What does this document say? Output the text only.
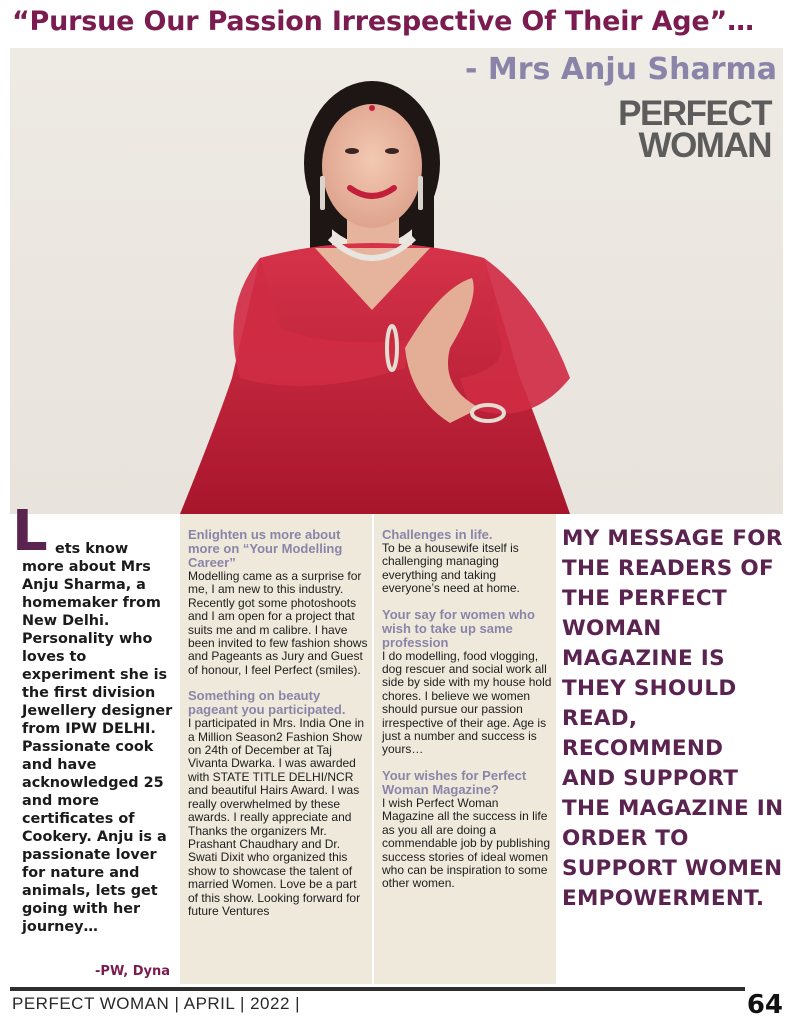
“Pursue Our Passion Irrespective Of Their Age”…
- Mrs Anju Sharma
PERFECT
WOMAN
L ets know
more about Mrs Anju Sharma, a homemaker from New Delhi. Personality who loves to experiment she is the first division Jewellery designer from IPW DELHI. Passionate cook and have acknowledged 25 and more certificates of Cookery. Anju is a passionate lover for nature and animals, lets get going with her journey…
-PW, Dyna
Enlighten us more about more on “Your Modelling Career”
Modelling came as a surprise for me, I am new to this industry. Recently got some photoshoots and I am open for a project that suits me and m calibre. I have been invited to few fashion shows and Pageants as Jury and Guest of honour, I feel Perfect (smiles).
Something on beauty pageant you participated.
I participated in Mrs. India One in a Million Season2 Fashion Show on 24th of December at Taj Vivanta Dwarka. I was awarded with STATE TITLE DELHI/NCR and beautiful Hairs Award. I was really overwhelmed by these awards. I really appreciate and Thanks the organizers Mr. Prashant Chaudhary and Dr. Swati Dixit who organized this show to showcase the talent of married Women. Love be a part of this show. Looking forward for future Ventures
Challenges in life.
To be a housewife itself is challenging managing everything and taking everyone’s need at home.
Your say for women who wish to take up same profession
I do modelling, food vlogging, dog rescuer and social work all side by side with my house hold chores. I believe we women should pursue our passion irrespective of their age. Age is just a number and success is yours…
Your wishes for Perfect Woman Magazine?
I wish Perfect Woman Magazine all the success in life as you all are doing a commendable job by publishing success stories of ideal women who can be inspiration to some other women.
MY MESSAGE FOR THE READERS OF THE PERFECT WOMAN MAGAZINE IS THEY SHOULD READ, RECOMMEND AND SUPPORT THE MAGAZINE IN ORDER TO SUPPORT WOMEN EMPOWERMENT.
PERFECT WOMAN | APRIL | 2022 |	64
